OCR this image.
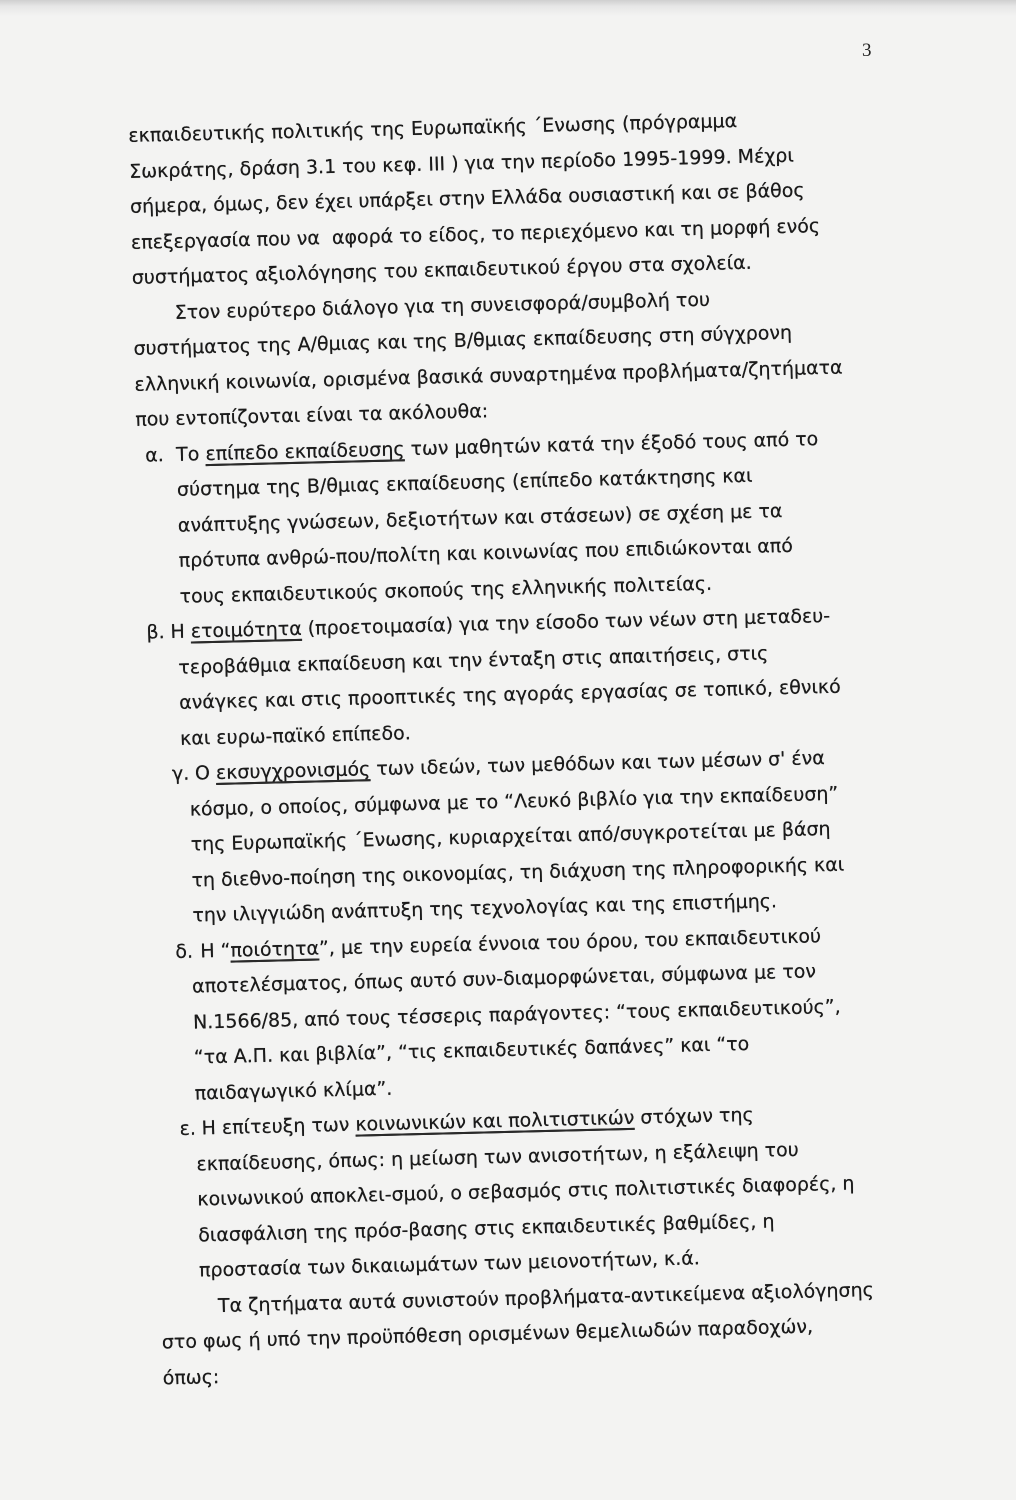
3
εκπαιδευτικής πολιτικής της Ευρωπαϊκής ΄Ενωσης (πρόγραμμα
Σωκράτης, δράση 3.1 του κεφ. III ) για την περίοδο 1995-1999. Μέχρι
σήμερα, όμως, δεν έχει υπάρξει στην Ελλάδα ουσιαστική και σε βάθος
επεξεργασία που να  αφορά το είδος, το περιεχόμενο και τη μορφή ενός
συστήματος αξιολόγησης του εκπαιδευτικού έργου στα σχολεία.
Στον ευρύτερο διάλογο για τη συνεισφορά/συμβολή του
συστήματος της Α/θμιας και της Β/θμιας εκπαίδευσης στη σύγχρονη
ελληνική κοινωνία, ορισμένα βασικά συναρτημένα προβλήματα/ζητήματα
που εντοπίζονται είναι τα ακόλουθα:
α. Το επίπεδο εκπαίδευσης των μαθητών κατά την έξοδό τους από το
σύστημα της Β/θμιας εκπαίδευσης (επίπεδο κατάκτησης και
ανάπτυξης γνώσεων, δεξιοτήτων και στάσεων) σε σχέση με τα
πρότυπα ανθρώ-που/πολίτη και κοινωνίας που επιδιώκονται από
τους εκπαιδευτικούς σκοπούς της ελληνικής πολιτείας.
β. Η ετοιμότητα (προετοιμασία) για την είσοδο των νέων στη μεταδευ-
τεροβάθμια εκπαίδευση και την ένταξη στις απαιτήσεις, στις
ανάγκες και στις προοπτικές της αγοράς εργασίας σε τοπικό, εθνικό
και ευρω-παϊκό επίπεδο.
γ. Ο εκσυγχρονισμός των ιδεών, των μεθόδων και των μέσων σ' ένα
κόσμο, ο οποίος, σύμφωνα με το “Λευκό βιβλίο για την εκπαίδευση”
της Ευρωπαϊκής ΄Ενωσης, κυριαρχείται από/συγκροτείται με βάση
τη διεθνο-ποίηση της οικονομίας, τη διάχυση της πληροφορικής και
την ιλιγγιώδη ανάπτυξη της τεχνολογίας και της επιστήμης.
δ. Η “ποιότητα”, με την ευρεία έννοια του όρου, του εκπαιδευτικού
αποτελέσματος, όπως αυτό συν-διαμορφώνεται, σύμφωνα με τον
Ν.1566/85, από τους τέσσερις παράγοντες: “τους εκπαιδευτικούς”,
“τα Α.Π. και βιβλία”, “τις εκπαιδευτικές δαπάνες” και “το
παιδαγωγικό κλίμα”.
ε. Η επίτευξη των κοινωνικών και πολιτιστικών στόχων της
εκπαίδευσης, όπως: η μείωση των ανισοτήτων, η εξάλειψη του
κοινωνικού αποκλει-σμού, ο σεβασμός στις πολιτιστικές διαφορές, η
διασφάλιση της πρόσ-βασης στις εκπαιδευτικές βαθμίδες, η
προστασία των δικαιωμάτων των μειονοτήτων, κ.ά.
Τα ζητήματα αυτά συνιστούν προβλήματα-αντικείμενα αξιολόγησης
στο φως ή υπό την προϋπόθεση ορισμένων θεμελιωδών παραδοχών,
όπως:
